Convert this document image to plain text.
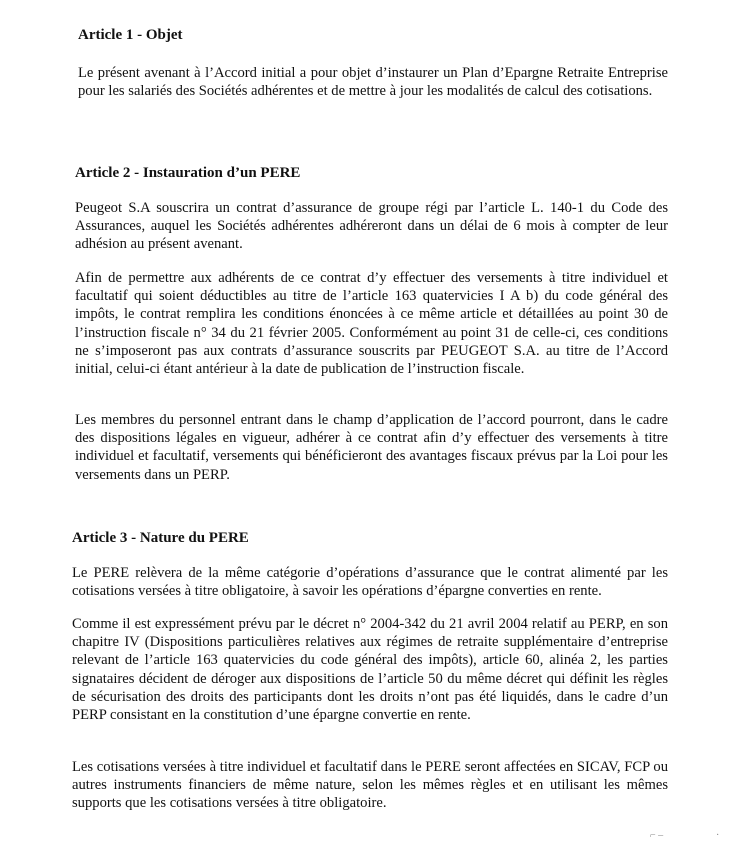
Article 1 - Objet

Le présent avenant à l’Accord initial a pour objet d’instaurer un Plan d’Epargne Retraite Entreprise pour les salariés des Sociétés adhérentes et de mettre à jour les modalités de calcul des cotisations.

Article 2 - Instauration d’un PERE

Peugeot S.A souscrira un contrat d’assurance de groupe régi par l’article L. 140-1 du Code des Assurances, auquel les Sociétés adhérentes adhéreront dans un délai de 6 mois à compter de leur adhésion au présent avenant.

Afin de permettre aux adhérents de ce contrat d’y effectuer des versements à titre individuel et facultatif qui soient déductibles au titre de l’article 163 quatervicies I A b) du code général des impôts, le contrat remplira les conditions énoncées à ce même article et détaillées au point 30 de l’instruction fiscale n° 34 du 21 février 2005. Conformément au point 31 de celle-ci, ces conditions ne s’imposeront pas aux contrats d’assurance souscrits par PEUGEOT S.A. au titre de l’Accord initial, celui-ci étant antérieur à la date de publication de l’instruction fiscale.

Les membres du personnel entrant dans le champ d’application de l’accord pourront, dans le cadre des dispositions légales en vigueur, adhérer à ce contrat afin d’y effectuer des versements à titre individuel et facultatif, versements qui bénéficieront des avantages fiscaux prévus par la Loi pour les versements dans un PERP.

Article 3 - Nature du PERE

Le PERE relèvera de la même catégorie d’opérations d’assurance que le contrat alimenté par les cotisations versées à titre obligatoire, à savoir les opérations d’épargne converties en rente.

Comme il est expressément prévu par le décret n° 2004-342 du 21 avril 2004 relatif au PERP, en son chapitre IV (Dispositions particulières relatives aux régimes de retraite supplémentaire d’entreprise relevant de l’article 163 quatervicies du code général des impôts), article 60, alinéa 2, les parties signataires décident de déroger aux dispositions de l’article 50 du même décret qui définit les règles de sécurisation des droits des participants dont les droits n’ont pas été liquidés, dans le cadre d’un PERP consistant en la constitution d’une épargne convertie en rente.

Les cotisations versées à titre individuel et facultatif dans le PERE seront affectées en SICAV, FCP ou autres instruments financiers de même nature, selon les mêmes règles et en utilisant les mêmes supports que les cotisations versées à titre obligatoire.

⌐ ‒	·
